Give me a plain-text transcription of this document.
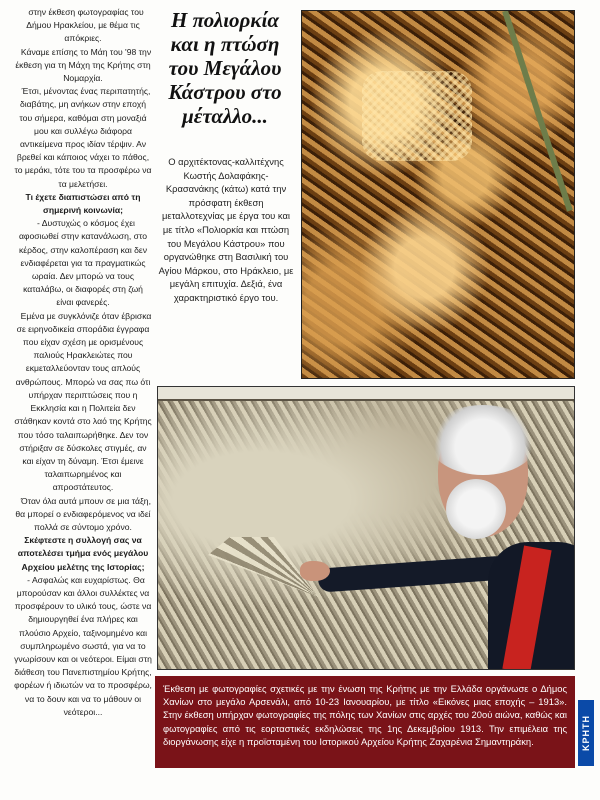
στην έκθεση φωτογραφίας του Δήμου Ηρακλείου, με θέμα τις απόκριες.

Κάναμε επίσης το Μάη του '98 την έκθεση για τη Μάχη της Κρήτης στη Νομαρχία.

Έτσι, μένοντας ένας περιπατητής, διαβάτης, μη ανήκων στην εποχή του σήμερα, καθόμαι στη μοναξιά μου και συλλέγω διάφορα αντικείμενα προς ιδίαν τέρψιν. Αν βρεθεί και κάποιος νάχει το πάθος, το μεράκι, τότε του τα προσφέρω να τα μελετήσει.

Τι έχετε διαπιστώσει από τη σημερινή κοινωνία;

- Δυστυχώς ο κόσμος έχει αφοσιωθεί στην κατανάλωση, στο κέρδος, στην καλοπέραση και δεν ενδιαφέρεται για τα πραγματικώς ωραία. Δεν μπορώ να τους καταλάβω, οι διαφορές στη ζωή είναι φανερές.

Εμένα με συγκλόνιζε όταν έβρισκα σε ειρηνοδικεία σποράδια έγγραφα που είχαν σχέση με ορισμένους παλιούς Ηρακλειώτες που εκμεταλλεύονταν τους απλούς ανθρώπους. Μπορώ να σας πω ότι υπήρχαν περιπτώσεις που η Εκκλησία και η Πολιτεία δεν στάθηκαν κοντά στο λαό της Κρήτης που τόσο ταλαιπωρήθηκε. Δεν τον στήριξαν σε δύσκολες στιγμές, αν και είχαν τη δύναμη. Έτσι έμεινε ταλαιπωρημένος και απροστάτευτος.

Όταν όλα αυτά μπουν σε μια τάξη, θα μπορεί ο ενδιαφερόμενος να ιδεί πολλά σε σύντομο χρόνο.

Σκέφτεστε η συλλογή σας να αποτελέσει τμήμα ενός μεγάλου Αρχείου μελέτης της Ιστορίας;

- Ασφαλώς και ευχαρίστως. Θα μπορούσαν και άλλοι συλλέκτες να προσφέρουν το υλικό τους, ώστε να δημιουργηθεί ένα πλήρες και πλούσιο Αρχείο, ταξινομημένο και συμπληρωμένο σωστά, για να το γνωρίσουν και οι νεότεροι. Είμαι στη διάθεση του Πανεπιστημίου Κρήτης, φορέων ή ιδιωτών να το προσφέρω, να το δουν και να το μάθουν οι νεότεροι...

Η πολιορκία και η πτώση του Μεγάλου Κάστρου στο μέταλλο...
Ο αρχιτέκτονας-καλλιτέχνης Κωστής Δολαφάκης-Κρασανάκης (κάτω) κατά την πρόσφατη έκθεση μεταλλοτεχνίας με έργα του και με τίτλο «Πολιορκία και πτώση του Μεγάλου Κάστρου» που οργανώθηκε στη Βασιλική του Αγίου Μάρκου, στο Ηράκλειο, με μεγάλη επιτυχία. Δεξιά, ένα χαρακτηριστικό έργο του.
Έκθεση με φωτογραφίες σχετικές με την ένωση της Κρήτης με την Ελλάδα οργάνωσε ο Δήμος Χανίων στο μεγάλο Αρσενάλι, από 10-23 Ιανουαρίου, με τίτλο «Εικόνες μιας εποχής – 1913». Στην έκθεση υπήρχαν φωτογραφίες της πόλης των Χανίων στις αρχές του 20ού αιώνα, καθώς και φωτογραφίες από τις εορταστικές εκδηλώσεις της 1ης Δεκεμβρίου 1913. Την επιμέλεια της διοργάνωσης είχε η προϊσταμένη του Ιστορικού Αρχείου Κρήτης Ζαχαρένια Σημαντηράκη.	ΚΡΗΤΗ
